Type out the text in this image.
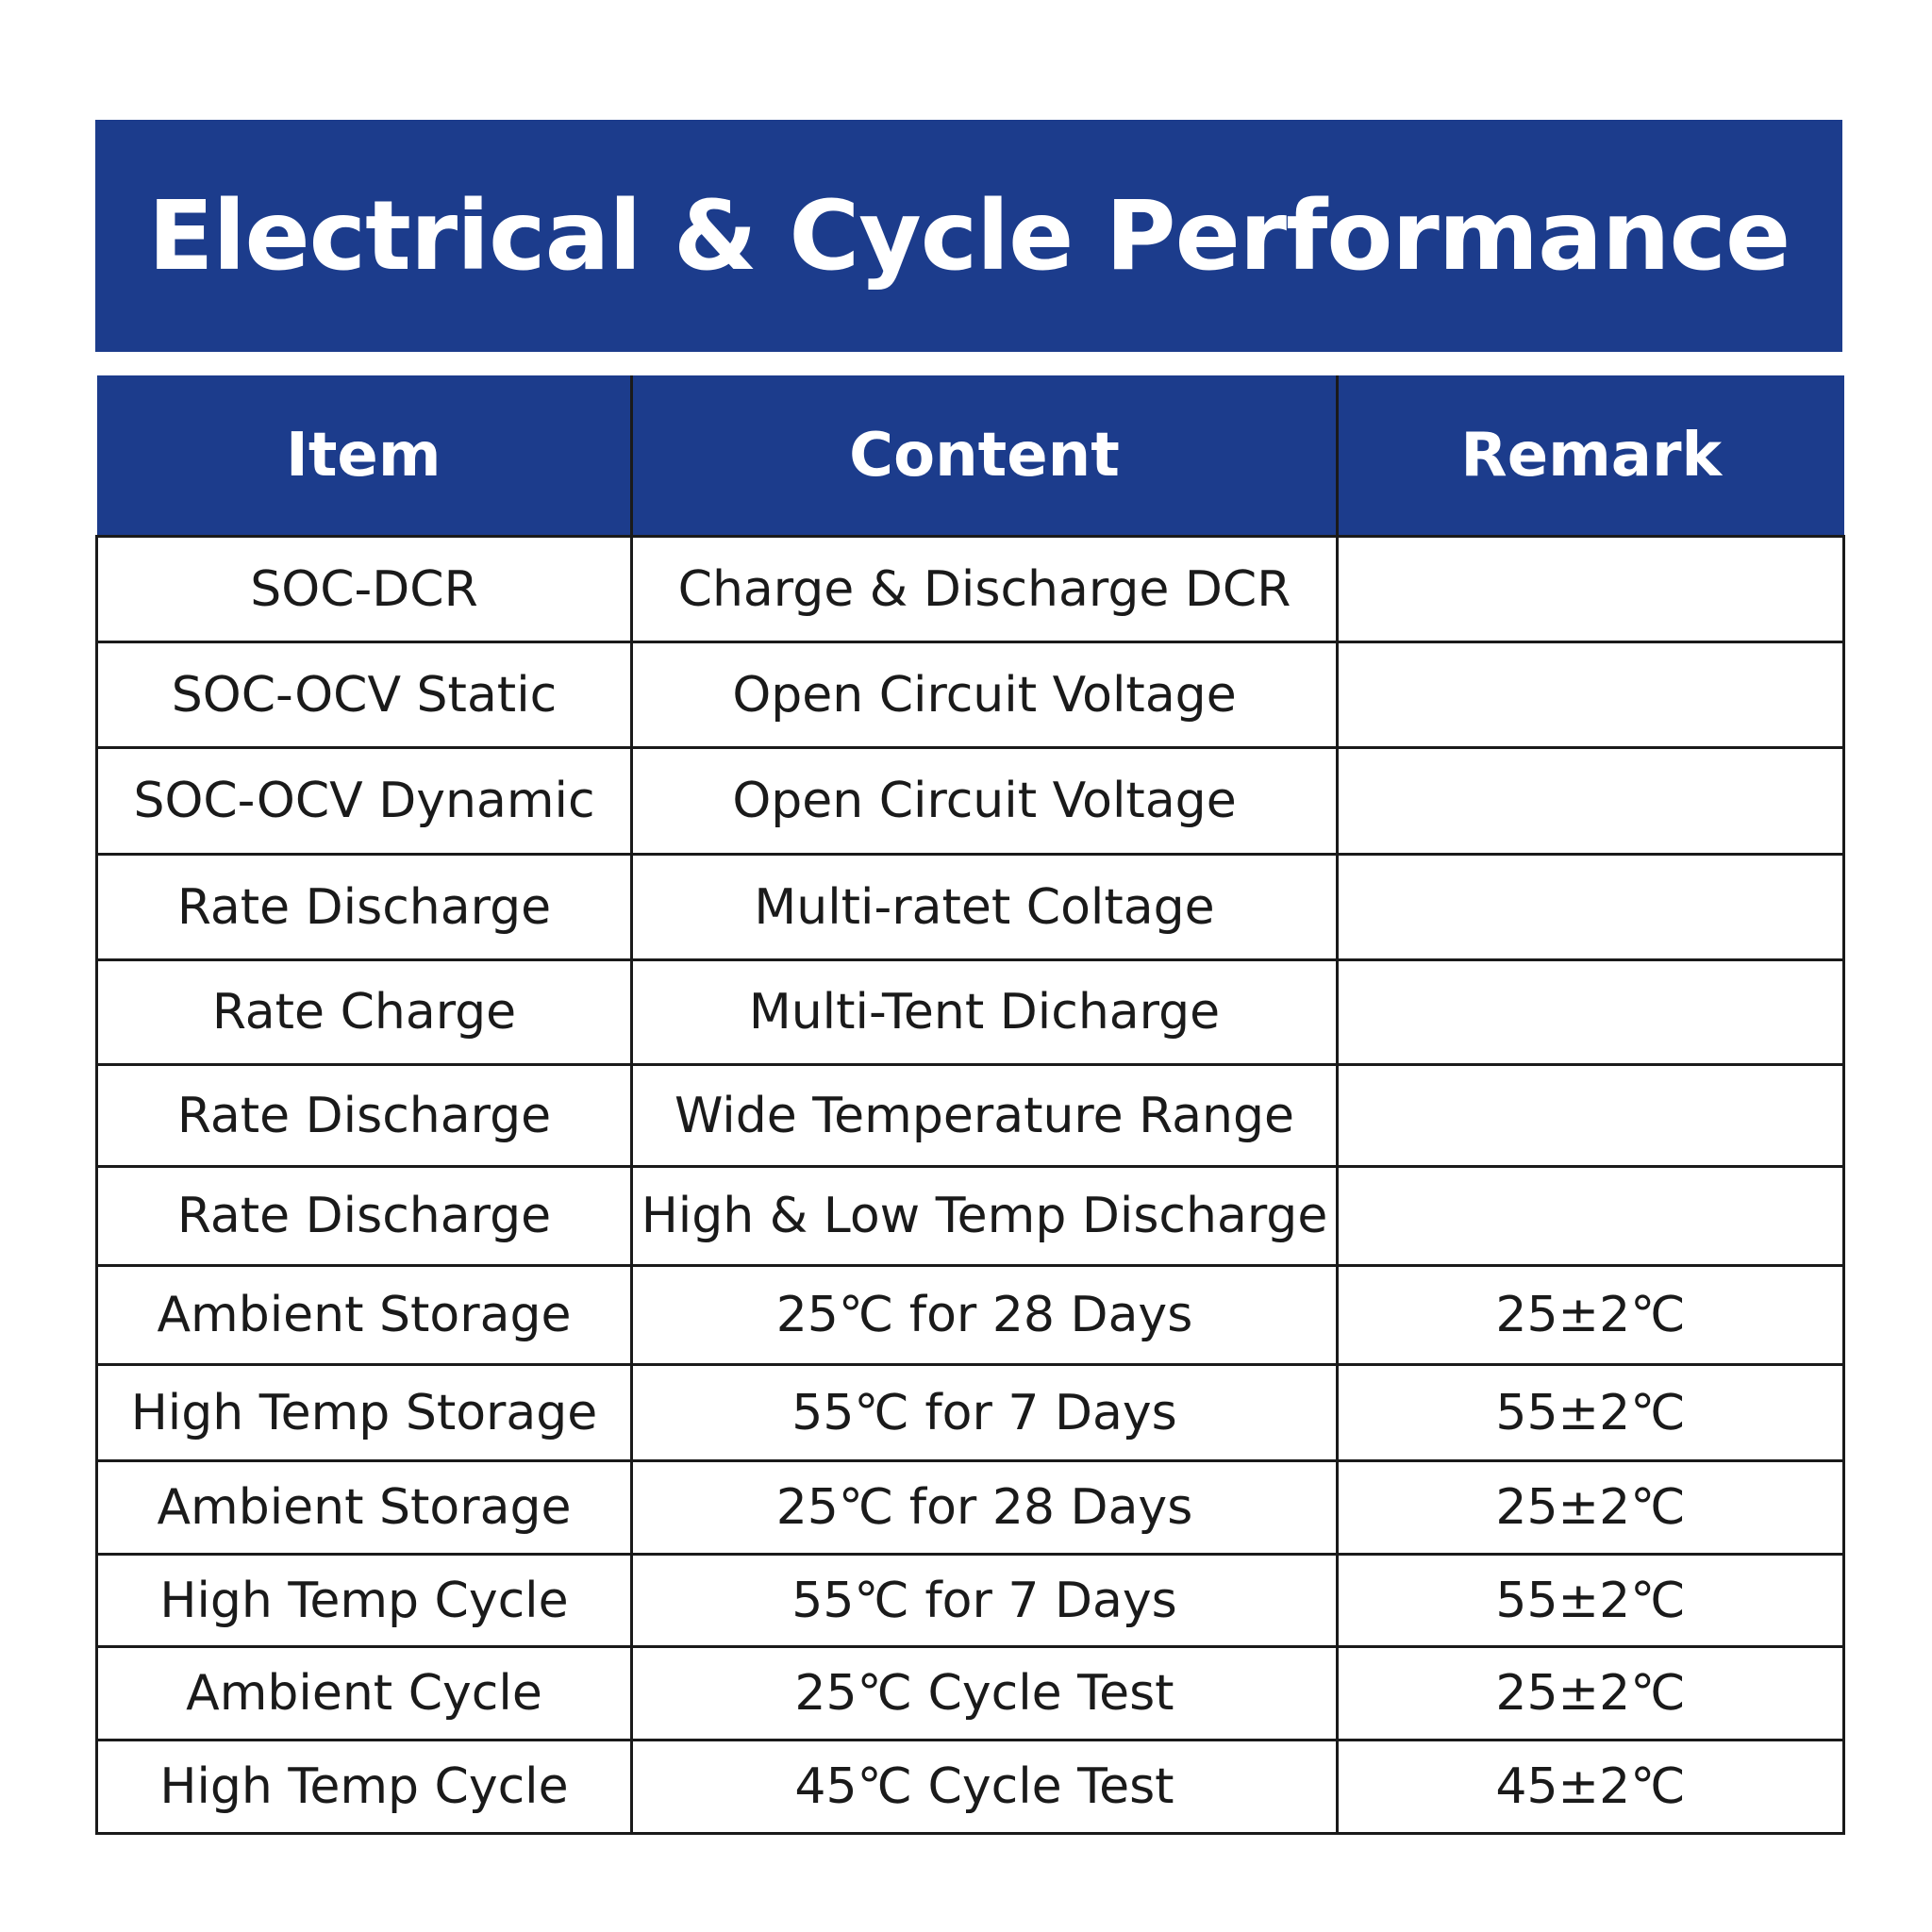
Electrical & Cycle Performance
Item	Content	Remark
SOC-DCR	Charge & Discharge DCR	
SOC-OCV Static	Open Circuit Voltage	
SOC-OCV Dynamic	Open Circuit Voltage	
Rate Discharge	Multi-ratet Coltage	
Rate Charge	Multi-Tent Dicharge	
Rate Discharge	Wide Temperature Range	
Rate Discharge	High & Low Temp Discharge	
Ambient Storage	25℃ for 28 Days	25±2℃
High Temp Storage	55℃ for 7 Days	55±2℃
Ambient Storage	25℃ for 28 Days	25±2℃
High Temp Cycle	55℃ for 7 Days	55±2℃
Ambient Cycle	25℃ Cycle Test	25±2℃
High Temp Cycle	45℃ Cycle Test	45±2℃
